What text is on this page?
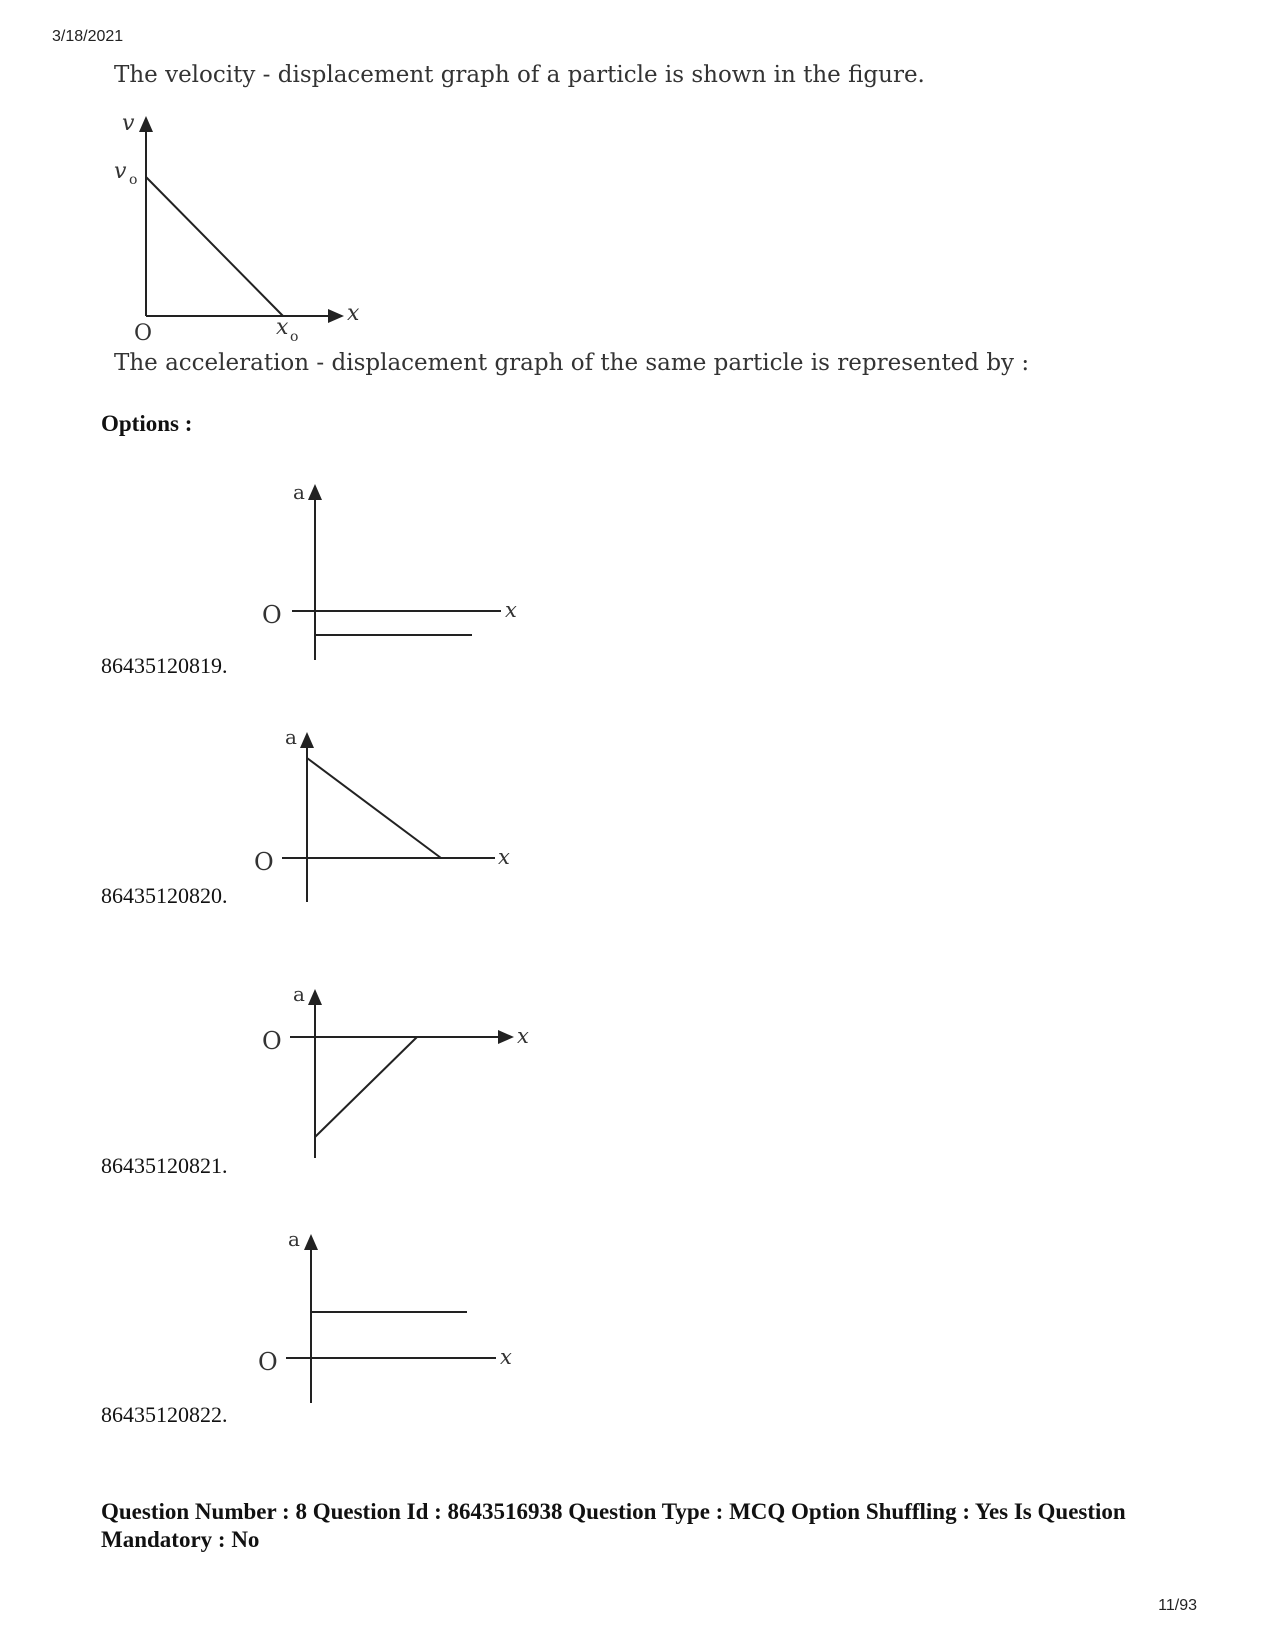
3/18/2021
The velocity - displacement graph of a particle is shown in the figure.
v
v o
O	x o
x
The acceleration - displacement graph of the same particle is represented by :
Options :
a
O	x
86435120819.
a
O	x
86435120820.
a
O	x
86435120821.
a
O	x
86435120822.
Question Number : 8 Question Id : 8643516938 Question Type : MCQ Option Shuffling : Yes Is Question Mandatory : No
11/93
